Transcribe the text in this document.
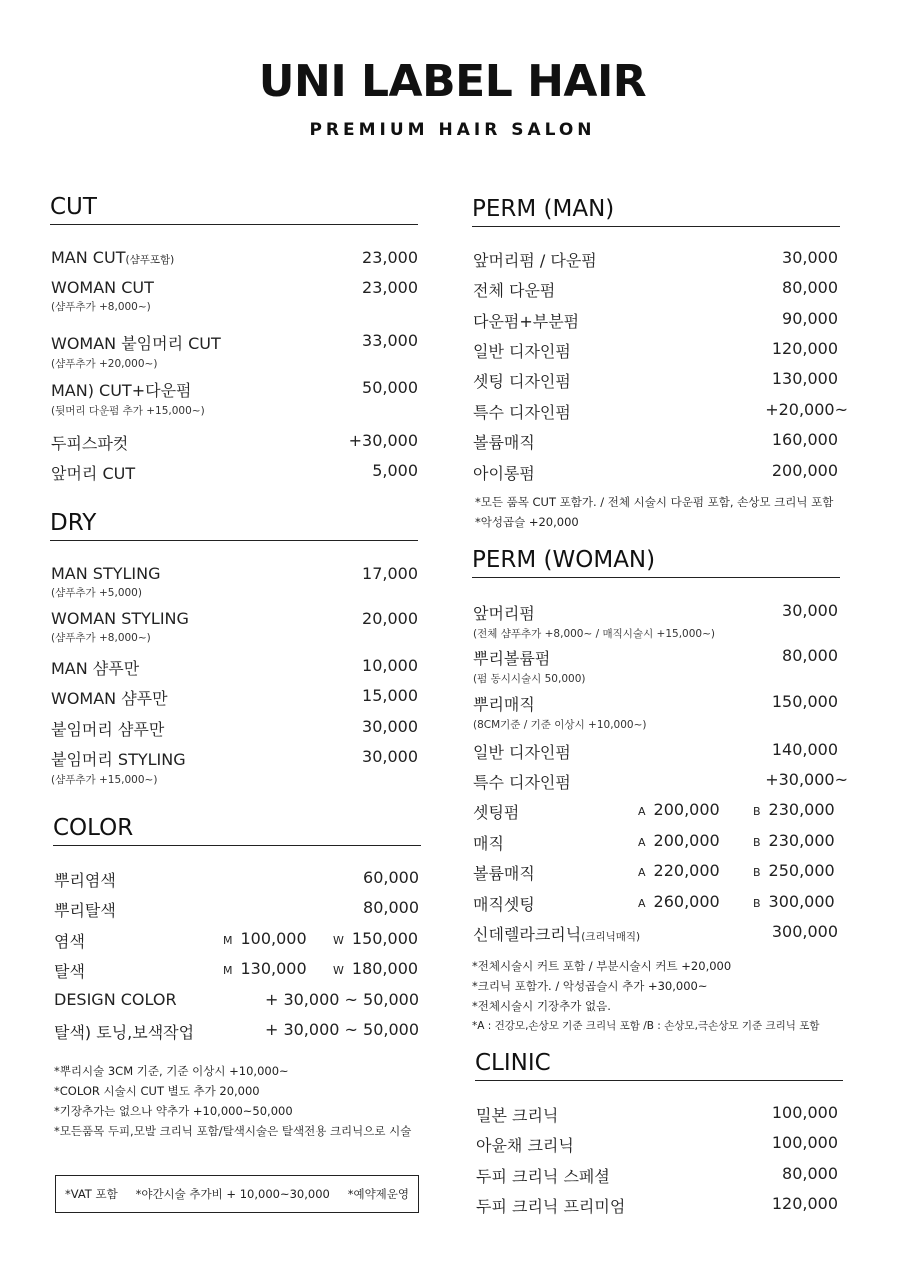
UNI LABEL HAIR
PREMIUM HAIR SALON
CUT
MAN CUT(샴푸포함)	23,000
WOMAN CUT
(샴푸추가 +8,000~)
23,000
WOMAN 붙임머리 CUT
(샴푸추가 +20,000~)
33,000
MAN) CUT+다운펌
(뒷머리 다운펌 추가 +15,000~)
50,000
두피스파컷	+30,000
앞머리 CUT	5,000
DRY
MAN STYLING
(샴푸추가 +5,000)
17,000
WOMAN STYLING
(샴푸추가 +8,000~)
20,000
MAN 샴푸만	10,000
WOMAN 샴푸만	15,000
붙임머리 샴푸만	30,000
붙임머리 STYLING
(샴푸추가 +15,000~)
30,000
COLOR
뿌리염색	60,000
뿌리탈색	80,000
염색	M 100,000 W 150,000
탈색	M 130,000 W 180,000
DESIGN COLOR	+ 30,000 ~ 50,000
탈색) 토닝,보색작업	+ 30,000 ~ 50,000
*뿌리시술 3CM 기준, 기준 이상시 +10,000~
*COLOR 시술시 CUT 별도 추가 20,000
*기장추가는 없으나 약추가 +10,000~50,000
*모든품목 두피,모발 크리닉 포함/탈색시술은 탈색전용 크리닉으로 시술
*VAT 포함 *야간시술 추가비 + 10,000~30,000 *예약제운영
PERM (MAN)
앞머리펌 / 다운펌	30,000
전체 다운펌	80,000
다운펌+부분펌	90,000
일반 디자인펌	120,000
셋팅 디자인펌	130,000
특수 디자인펌	+20,000~
볼륨매직	160,000
아이롱펌	200,000
*모든 품목 CUT 포함가. / 전체 시술시 다운펌 포함, 손상모 크리닉 포함
*악성곱슬 +20,000
PERM (WOMAN)
앞머리펌
(전체 샴푸추가 +8,000~ / 매직시술시 +15,000~)
30,000
뿌리볼륨펌
(펌 동시시술시 50,000)
80,000
뿌리매직
(8CM기준 / 기준 이상시 +10,000~)
150,000
일반 디자인펌	140,000
특수 디자인펌	+30,000~
셋팅펌	A 200,000	B 230,000
매직	A 200,000	B 230,000
볼륨매직	A 220,000	B 250,000
매직셋팅	A 260,000	B 300,000
신데렐라크리닉(크리닉매직)	300,000
*전체시술시 커트 포함 / 부분시술시 커트 +20,000
*크리닉 포함가. / 악성곱슬시 추가 +30,000~
*전체시술시 기장추가 없음.
*A : 건강모,손상모 기준 크리닉 포함 /B : 손상모,극손상모 기준 크리닉 포함
CLINIC
밀본 크리닉	100,000
아윤채 크리닉	100,000
두피 크리닉 스페셜	80,000
두피 크리닉 프리미엄	120,000
